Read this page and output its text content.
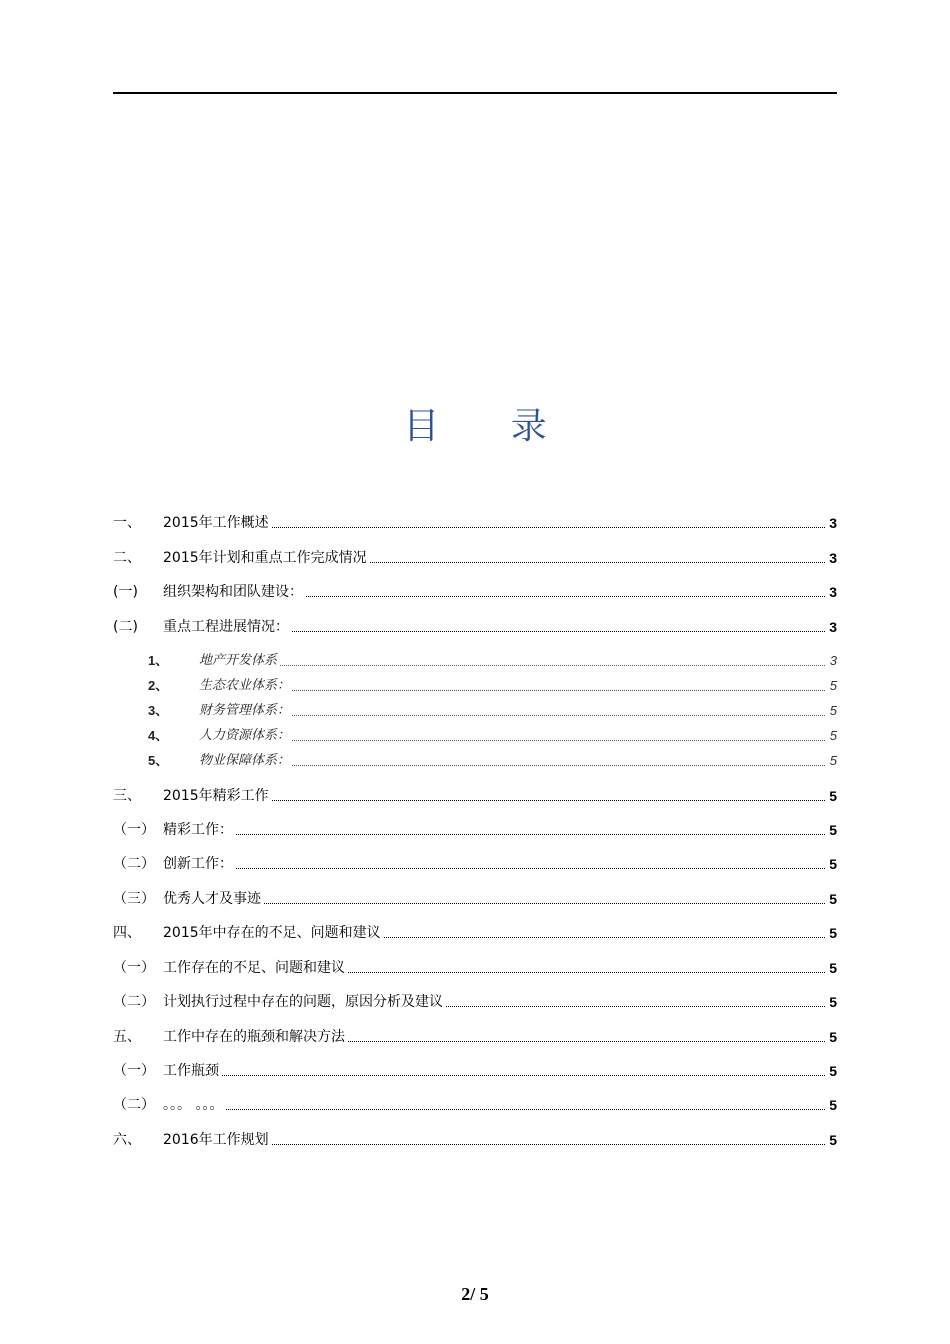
目 录
一、 2015年工作概述	3
二、 2015年计划和重点工作完成情况	3
(一) 组织架构和团队建设：	3
(二) 重点工程进展情况：	3
1、 地产开发体系	3
2、 生态农业体系：	5
3、 财务管理体系：	5
4、 人力资源体系：	5
5、 物业保障体系：	5
三、 2015年精彩工作	5
（一） 精彩工作：	5
（二） 创新工作：	5
（三） 优秀人才及事迹	5
四、 2015年中存在的不足、问题和建议	5
（一） 工作存在的不足、问题和建议	5
（二） 计划执行过程中存在的问题，原因分析及建议	5
五、 工作中存在的瓶颈和解决方法	5
（一） 工作瓶颈	5
（二） 。。。 。。。	5
六、 2016年工作规划	5
2/ 5
